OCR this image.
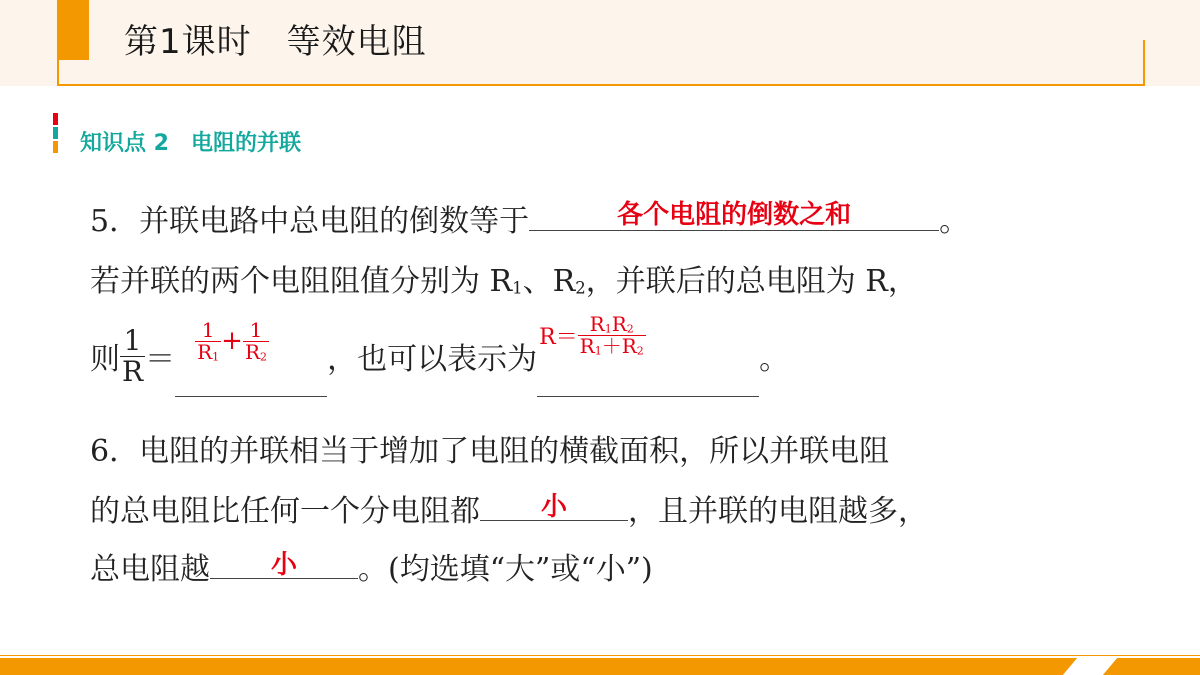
第1课时　等效电阻
知识点 2　电阻的并联
5．并联电路中总电阻的倒数等于	各个电阻的倒数之和	。
若并联的两个电阻阻值分别为 R1、R2，并联后的总电阻为 R，
则 $\frac{1}{R} = \frac{1}{R1} + \frac{1}{R2}$ ，也可以表示为
$R= \frac{R1R2}{R1+R2}$
。
6．电阻的并联相当于增加了电阻的横截面积，所以并联电阻
的总电阻比任何一个分电阻都	小	，且并联的电阻越多，
总电阻越	小	。(均选填“大”或“小”)
